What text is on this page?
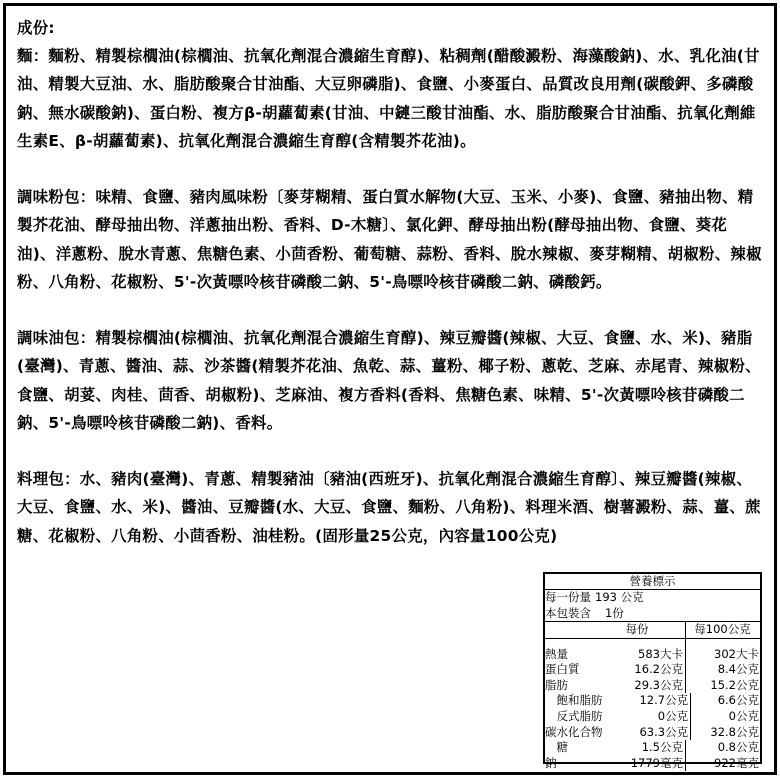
成份:

麵：麵粉、精製棕櫚油(棕櫚油、抗氧化劑混合濃縮生育醇)、粘稠劑(醋酸澱粉、海藻酸鈉)、水、乳化油(甘油、精製大豆油、水、脂肪酸聚合甘油酯、大豆卵磷脂)、食鹽、小麥蛋白、品質改良用劑(碳酸鉀、多磷酸鈉、無水碳酸鈉)、蛋白粉、複方β-胡蘿蔔素(甘油、中鏈三酸甘油酯、水、脂肪酸聚合甘油酯、抗氧化劑維生素E、β-胡蘿蔔素)、抗氧化劑混合濃縮生育醇(含精製芥花油)。

調味粉包：味精、食鹽、豬肉風味粉〔麥芽糊精、蛋白質水解物(大豆、玉米、小麥)、食鹽、豬抽出物、精製芥花油、酵母抽出物、洋蔥抽出粉、香料、D-木糖〕、氯化鉀、酵母抽出粉(酵母抽出物、食鹽、葵花油)、洋蔥粉、脫水青蔥、焦糖色素、小茴香粉、葡萄糖、蒜粉、香料、脫水辣椒、麥芽糊精、胡椒粉、辣椒粉、八角粉、花椒粉、5'-次黃嘌呤核苷磷酸二鈉、5'-鳥嘌呤核苷磷酸二鈉、磷酸鈣。

調味油包：精製棕櫚油(棕櫚油、抗氧化劑混合濃縮生育醇)、辣豆瓣醬(辣椒、大豆、食鹽、水、米)、豬脂(臺灣)、青蔥、醬油、蒜、沙茶醬(精製芥花油、魚乾、蒜、薑粉、椰子粉、蔥乾、芝麻、赤尾青、辣椒粉、食鹽、胡荽、肉桂、茴香、胡椒粉)、芝麻油、複方香料(香料、焦糖色素、味精、5'-次黃嘌呤核苷磷酸二鈉、5'-鳥嘌呤核苷磷酸二鈉)、香料。

料理包：水、豬肉(臺灣)、青蔥、精製豬油〔豬油(西班牙)、抗氧化劑混合濃縮生育醇〕、辣豆瓣醬(辣椒、大豆、食鹽、水、米)、醬油、豆瓣醬(水、大豆、食鹽、麵粉、八角粉)、料理米酒、樹薯澱粉、蒜、薑、蔗糖、花椒粉、八角粉、小茴香粉、油桂粉。(固形量25公克，內容量100公克)

營養標示
每一份量 193 公克
本包裝含 1份
每份	每100公克
熱量	583大卡	302大卡
蛋白質	16.2公克	8.4公克
脂肪	29.3公克	15.2公克
　飽和脂肪	12.7公克	6.6公克
　反式脂肪	0公克	0公克
碳水化合物	63.3公克	32.8公克
　糖	1.5公克	0.8公克
鈉	1779毫克	922毫克
